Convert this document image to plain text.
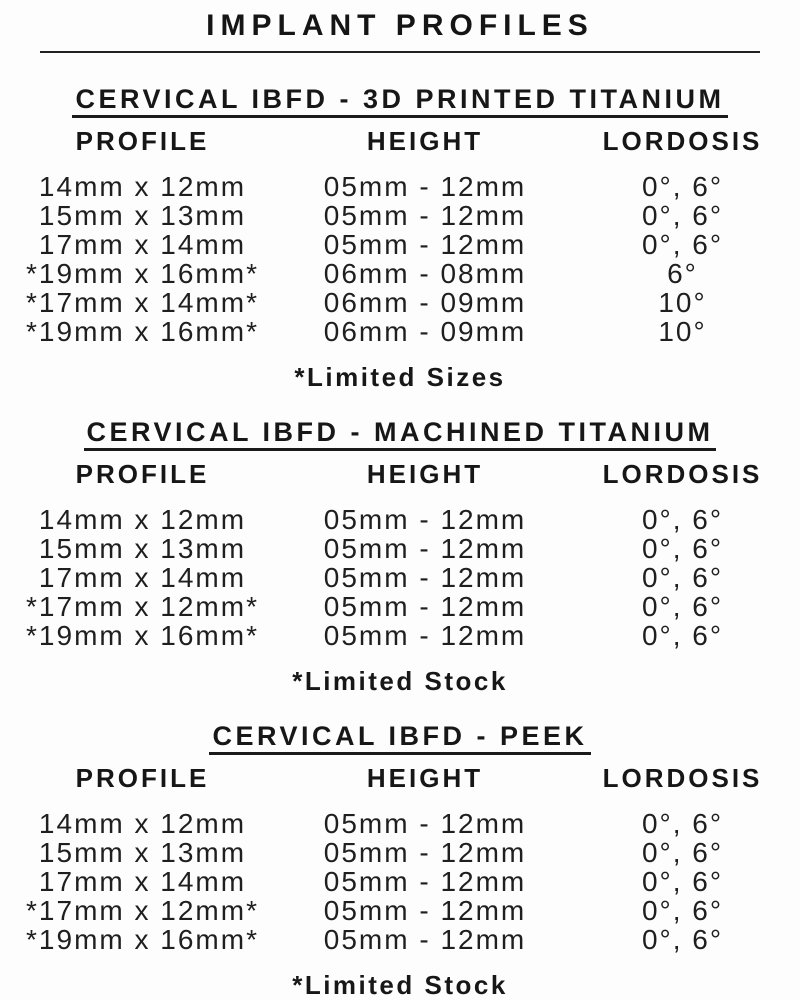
IMPLANT PROFILES
CERVICAL IBFD - 3D PRINTED TITANIUM
PROFILE	HEIGHT	LORDOSIS
14mm x 12mm	05mm - 12mm	0°, 6°
15mm x 13mm	05mm - 12mm	0°, 6°
17mm x 14mm	05mm - 12mm	0°, 6°
*19mm x 16mm*	06mm - 08mm	6°
*17mm x 14mm*	06mm - 09mm	10°
*19mm x 16mm*	06mm - 09mm	10°
*Limited Sizes
CERVICAL IBFD - MACHINED TITANIUM
PROFILE	HEIGHT	LORDOSIS
14mm x 12mm	05mm - 12mm	0°, 6°
15mm x 13mm	05mm - 12mm	0°, 6°
17mm x 14mm	05mm - 12mm	0°, 6°
*17mm x 12mm*	05mm - 12mm	0°, 6°
*19mm x 16mm*	05mm - 12mm	0°, 6°
*Limited Stock
CERVICAL IBFD - PEEK
PROFILE	HEIGHT	LORDOSIS
14mm x 12mm	05mm - 12mm	0°, 6°
15mm x 13mm	05mm - 12mm	0°, 6°
17mm x 14mm	05mm - 12mm	0°, 6°
*17mm x 12mm*	05mm - 12mm	0°, 6°
*19mm x 16mm*	05mm - 12mm	0°, 6°
*Limited Stock
